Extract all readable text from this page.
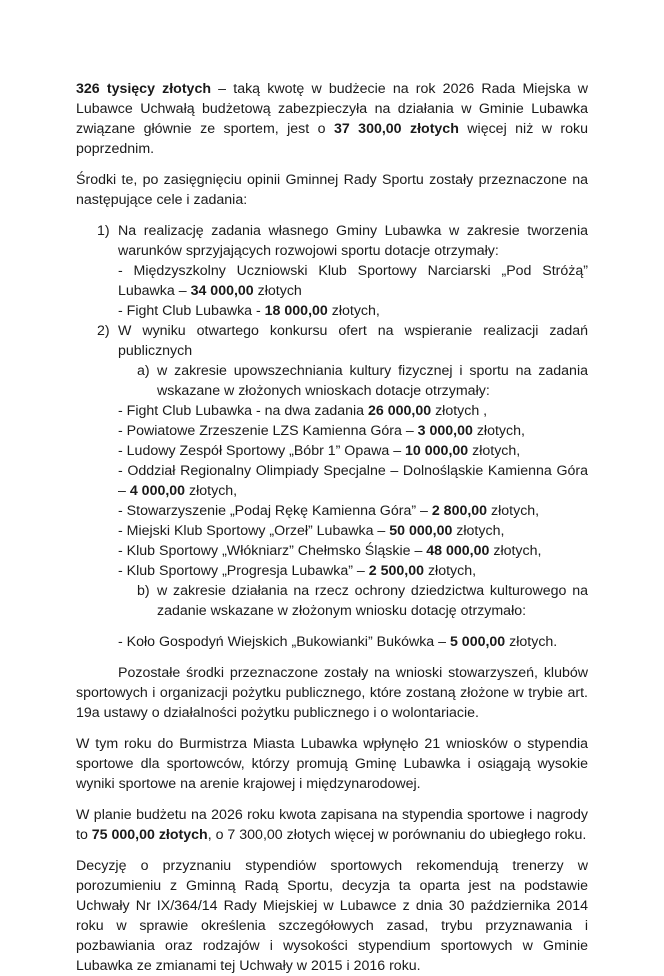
326 tysięcy złotych – taką kwotę w budżecie na rok 2026 Rada Miejska w Lubawce Uchwałą budżetową zabezpieczyła na działania w Gminie Lubawka związane głównie ze sportem, jest o 37 300,00 złotych więcej niż w roku poprzednim.

Środki te, po zasięgnięciu opinii Gminnej Rady Sportu zostały przeznaczone na następujące cele i zadania:

1) Na realizację zadania własnego Gminy Lubawka w zakresie tworzenia warunków sprzyjających rozwojowi sportu dotacje otrzymały:
- Międzyszkolny Uczniowski Klub Sportowy Narciarski „Pod Stróżą” Lubawka – 34 000,00 złotych
- Fight Club Lubawka - 18 000,00 złotych,
2) W wyniku otwartego konkursu ofert na wspieranie realizacji zadań publicznych
a) w zakresie upowszechniania kultury fizycznej i sportu na zadania wskazane w złożonych wnioskach dotacje otrzymały:
- Fight Club Lubawka - na dwa zadania 26 000,00 złotych ,
- Powiatowe Zrzeszenie LZS Kamienna Góra – 3 000,00 złotych,
- Ludowy Zespół Sportowy „Bóbr 1” Opawa – 10 000,00 złotych,
- Oddział Regionalny Olimpiady Specjalne – Dolnośląskie Kamienna Góra – 4 000,00 złotych,
- Stowarzyszenie „Podaj Rękę Kamienna Góra” – 2 800,00 złotych,
- Miejski Klub Sportowy „Orzeł” Lubawka – 50 000,00 złotych,
- Klub Sportowy „Włókniarz” Chełmsko Śląskie – 48 000,00 złotych,
- Klub Sportowy „Progresja Lubawka” – 2 500,00 złotych,
b) w zakresie działania na rzecz ochrony dziedzictwa kulturowego na zadanie wskazane w złożonym wniosku dotację otrzymało:
- Koło Gospodyń Wiejskich „Bukowianki” Bukówka – 5 000,00 złotych.

Pozostałe środki przeznaczone zostały na wnioski stowarzyszeń, klubów sportowych i organizacji pożytku publicznego, które zostaną złożone w trybie art. 19a ustawy o działalności pożytku publicznego i o wolontariacie.

W tym roku do Burmistrza Miasta Lubawka wpłynęło 21 wniosków o stypendia sportowe dla sportowców, którzy promują Gminę Lubawka i osiągają wysokie wyniki sportowe na arenie krajowej i międzynarodowej.

W planie budżetu na 2026 roku kwota zapisana na stypendia sportowe i nagrody to 75 000,00 złotych, o 7 300,00 złotych więcej w porównaniu do ubiegłego roku.

Decyzję o przyznaniu stypendiów sportowych rekomendują trenerzy w porozumieniu z Gminną Radą Sportu, decyzja ta oparta jest na podstawie Uchwały Nr IX/364/14 Rady Miejskiej w Lubawce z dnia 30 października 2014 roku w sprawie określenia szczegółowych zasad, trybu przyznawania i pozbawiania oraz rodzajów i wysokości stypendium sportowych w Gminie Lubawka ze zmianami tej Uchwały w 2015 i 2016 roku.
